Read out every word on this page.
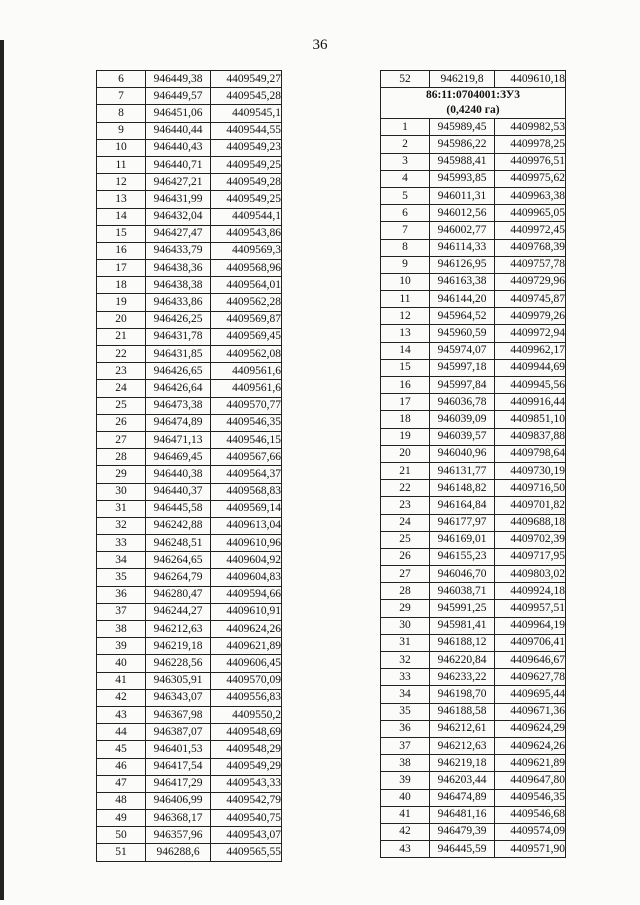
36
6	946449,38	4409549,27
7	946449,57	4409545,28
8	946451,06	4409545,1
9	946440,44	4409544,55
10	946440,43	4409549,23
11	946440,71	4409549,25
12	946427,21	4409549,28
13	946431,99	4409549,25
14	946432,04	4409544,1
15	946427,47	4409543,86
16	946433,79	4409569,3
17	946438,36	4409568,96
18	946438,38	4409564,01
19	946433,86	4409562,28
20	946426,25	4409569,87
21	946431,78	4409569,45
22	946431,85	4409562,08
23	946426,65	4409561,6
24	946426,64	4409561,6
25	946473,38	4409570,77
26	946474,89	4409546,35
27	946471,13	4409546,15
28	946469,45	4409567,66
29	946440,38	4409564,37
30	946440,37	4409568,83
31	946445,58	4409569,14
32	946242,88	4409613,04
33	946248,51	4409610,96
34	946264,65	4409604,92
35	946264,79	4409604,83
36	946280,47	4409594,66
37	946244,27	4409610,91
38	946212,63	4409624,26
39	946219,18	4409621,89
40	946228,56	4409606,45
41	946305,91	4409570,09
42	946343,07	4409556,83
43	946367,98	4409550,2
44	946387,07	4409548,69
45	946401,53	4409548,29
46	946417,54	4409549,29
47	946417,29	4409543,33
48	946406,99	4409542,79
49	946368,17	4409540,75
50	946357,96	4409543,07
51	946288,6	4409565,55
52	946219,8	4409610,18

86:11:0704001:ЗУ3
(0,4240 га)		

1	945989,45	4409982,53
2	945986,22	4409978,25
3	945988,41	4409976,51
4	945993,85	4409975,62
5	946011,31	4409963,38
6	946012,56	4409965,05
7	946002,77	4409972,45
8	946114,33	4409768,39
9	946126,95	4409757,78
10	946163,38	4409729,96
11	946144,20	4409745,87
12	945964,52	4409979,26
13	945960,59	4409972,94
14	945974,07	4409962,17
15	945997,18	4409944,69
16	945997,84	4409945,56
17	946036,78	4409916,44
18	946039,09	4409851,10
19	946039,57	4409837,88
20	946040,96	4409798,64
21	946131,77	4409730,19
22	946148,82	4409716,50
23	946164,84	4409701,82
24	946177,97	4409688,18
25	946169,01	4409702,39
26	946155,23	4409717,95
27	946046,70	4409803,02
28	946038,71	4409924,18
29	945991,25	4409957,51
30	945981,41	4409964,19
31	946188,12	4409706,41
32	946220,84	4409646,67
33	946233,22	4409627,78
34	946198,70	4409695,44
35	946188,58	4409671,36
36	946212,61	4409624,29
37	946212,63	4409624,26
38	946219,18	4409621,89
39	946203,44	4409647,80
40	946474,89	4409546,35
41	946481,16	4409546,68
42	946479,39	4409574,09
43	946445,59	4409571,90
